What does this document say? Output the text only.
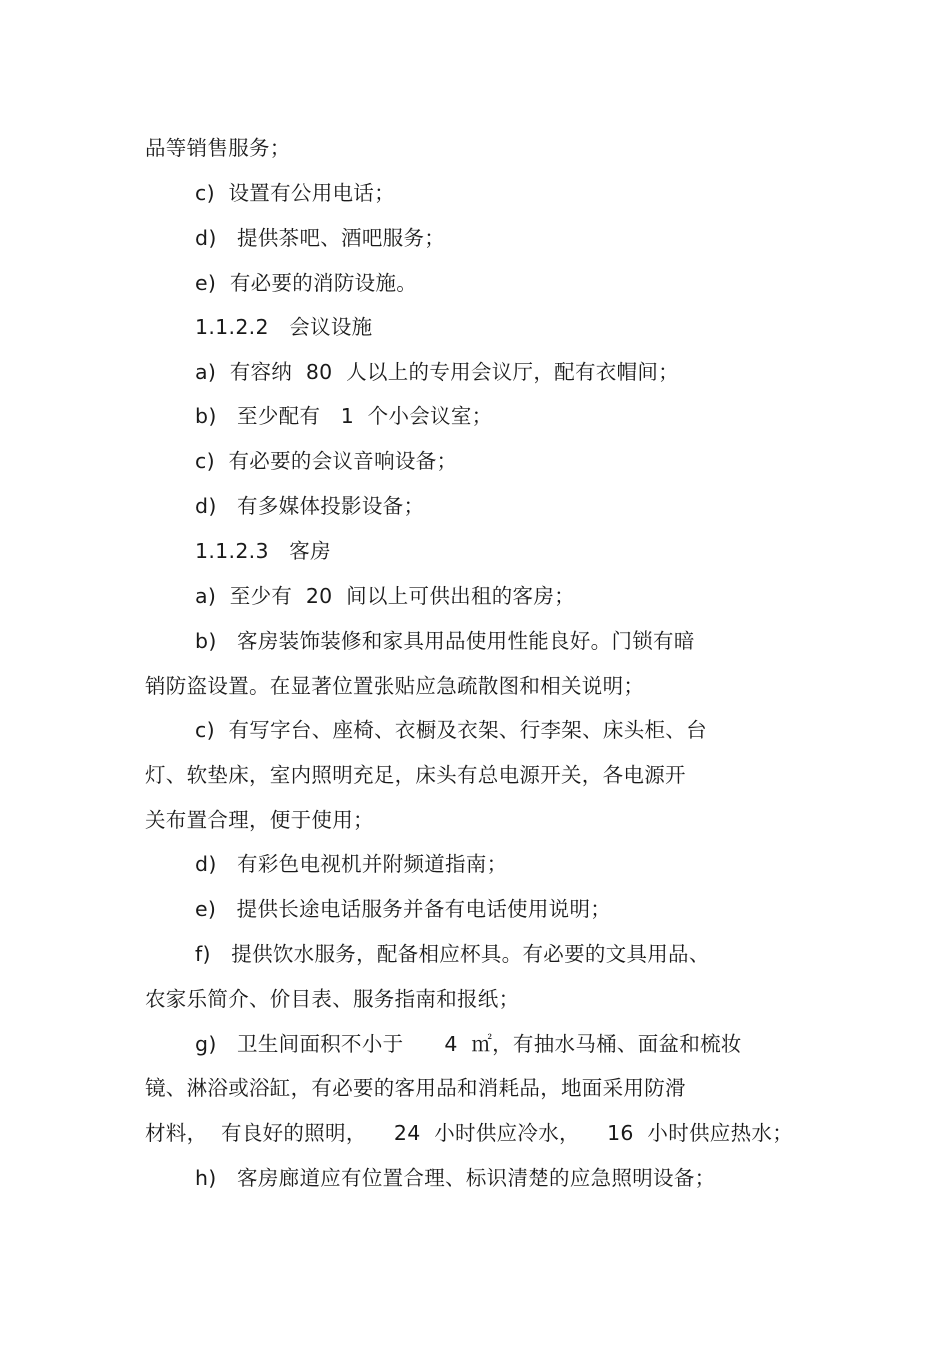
品等销售服务；
c)  设置有公用电话；
d)   提供茶吧、酒吧服务；
e)  有必要的消防设施。
1.1.2.2   会议设施
a)  有容纳  80  人以上的专用会议厅，配有衣帽间；
b)   至少配有   1  个小会议室；
c)  有必要的会议音响设备；
d)   有多媒体投影设备；
1.1.2.3   客房
a)  至少有  20  间以上可供出租的客房；
b)   客房装饰装修和家具用品使用性能良好。门锁有暗
销防盗设置。在显著位置张贴应急疏散图和相关说明；
c)  有写字台、座椅、衣橱及衣架、行李架、床头柜、台
灯、软垫床，室内照明充足，床头有总电源开关，各电源开
关布置合理，便于使用；
d)   有彩色电视机并附频道指南；
e)   提供长途电话服务并备有电话使用说明；
f)   提供饮水服务，配备相应杯具。有必要的文具用品、
农家乐简介、价目表、服务指南和报纸；
g)   卫生间面积不小于      4  ㎡，有抽水马桶、面盆和梳妆
镜、淋浴或浴缸，有必要的客用品和消耗品，地面采用防滑
材料，  有良好的照明，    24  小时供应冷水，    16  小时供应热水；
h)   客房廊道应有位置合理、标识清楚的应急照明设备；
